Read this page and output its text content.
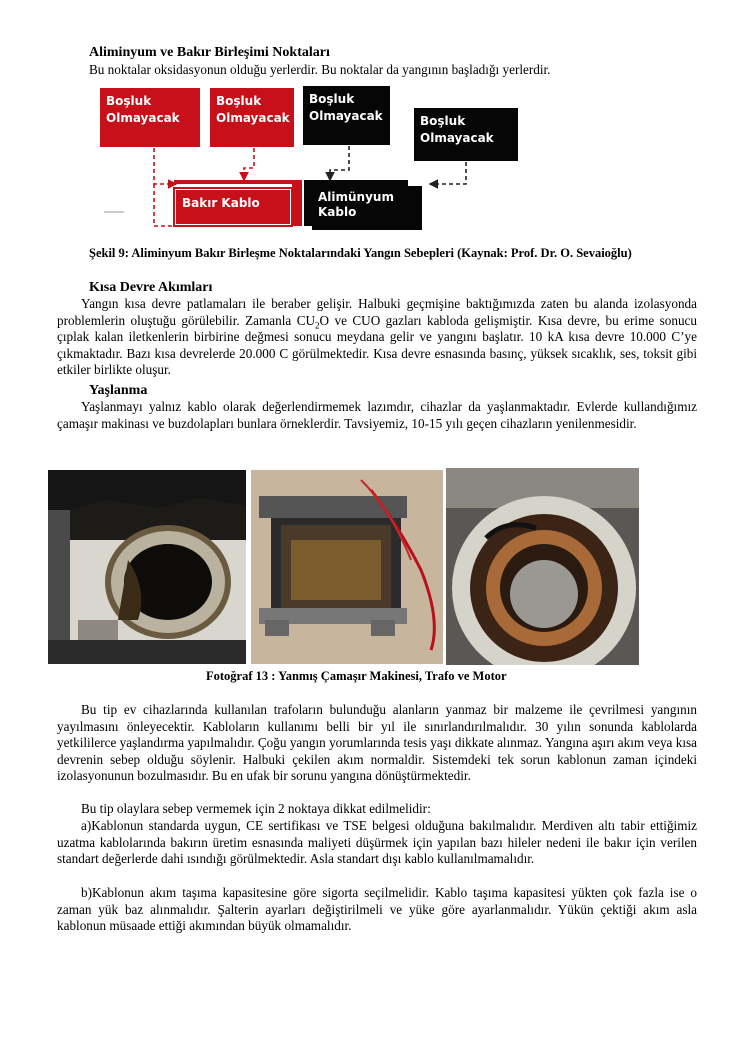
Aliminyum ve Bakır Birleşimi Noktaları
Bu noktalar oksidasyonun olduğu yerlerdir. Bu noktalar da yangının başladığı yerlerdir.
Boşluk Olmayacak
Boşluk Olmayacak
Boşluk Olmayacak	Boşluk Olmayacak
Bakır Kablo	Alimünyum Kablo
Şekil 9: Aliminyum Bakır Birleşme Noktalarındaki Yangın Sebepleri (Kaynak: Prof. Dr. O. Sevaioğlu)
Kısa Devre Akımları
Yangın kısa devre patlamaları ile beraber gelişir. Halbuki geçmişine baktığımızda zaten bu alanda izolasyonda problemlerin oluştuğu görülebilir. Zamanla $CU_2O$ ve CUO gazları kabloda gelişmiştir. Kısa devre, bu erime sonucu çıplak kalan iletkenlerin birbirine değmesi sonucu meydana gelir ve yangını başlatır. 10 kA kısa devre 10.000 C’ye çıkmaktadır. Bazı kısa devrelerde 20.000 C görülmektedir. Kısa devre esnasında basınç, yüksek sıcaklık, ses, toksit gibi etkiler birlikte oluşur.
Yaşlanma
Yaşlanmayı yalnız kablo olarak değerlendirmemek lazımdır, cihazlar da yaşlanmaktadır. Evlerde kullandığımız çamaşır makinası ve buzdolapları bunlara örneklerdir. Tavsiyemiz, 10-15 yılı geçen cihazların yenilenmesidir.
Fotoğraf 13 : Yanmış Çamaşır Makinesi, Trafo ve Motor
Bu tip ev cihazlarında kullanılan trafoların bulunduğu alanların yanmaz bir malzeme ile çevrilmesi yangının yayılmasını önleyecektir. Kabloların kullanımı belli bir yıl ile sınırlandırılmalıdır. 30 yılın sonunda kablolarda yetkililerce yaşlandırma yapılmalıdır. Çoğu yangın yorumlarında tesis yaşı dikkate alınmaz. Yangına aşırı akım veya kısa devrenin sebep olduğu söylenir. Halbuki çekilen akım normaldir. Sistemdeki tek sorun kablonun zaman içindeki izolasyonunun bozulmasıdır. Bu en ufak bir sorunu yangına dönüştürmektedir.
Bu tip olaylara sebep vermemek için 2 noktaya dikkat edilmelidir:
a)Kablonun standarda uygun, CE sertifikası ve TSE belgesi olduğuna bakılmalıdır. Merdiven altı tabir ettiğimiz uzatma kablolarında bakırın üretim esnasında maliyeti düşürmek için yapılan bazı hileler nedeni ile bakır için verilen standart değerlerde dahi ısındığı görülmektedir. Asla standart dışı kablo kullanılmamalıdır.
b)Kablonun akım taşıma kapasitesine göre sigorta seçilmelidir. Kablo taşıma kapasitesi yükten çok fazla ise o zaman yük baz alınmalıdır. Şalterin ayarları değiştirilmeli ve yüke göre ayarlanmalıdır. Yükün çektiği akım asla kablonun müsaade ettiği akımından büyük olmamalıdır.
